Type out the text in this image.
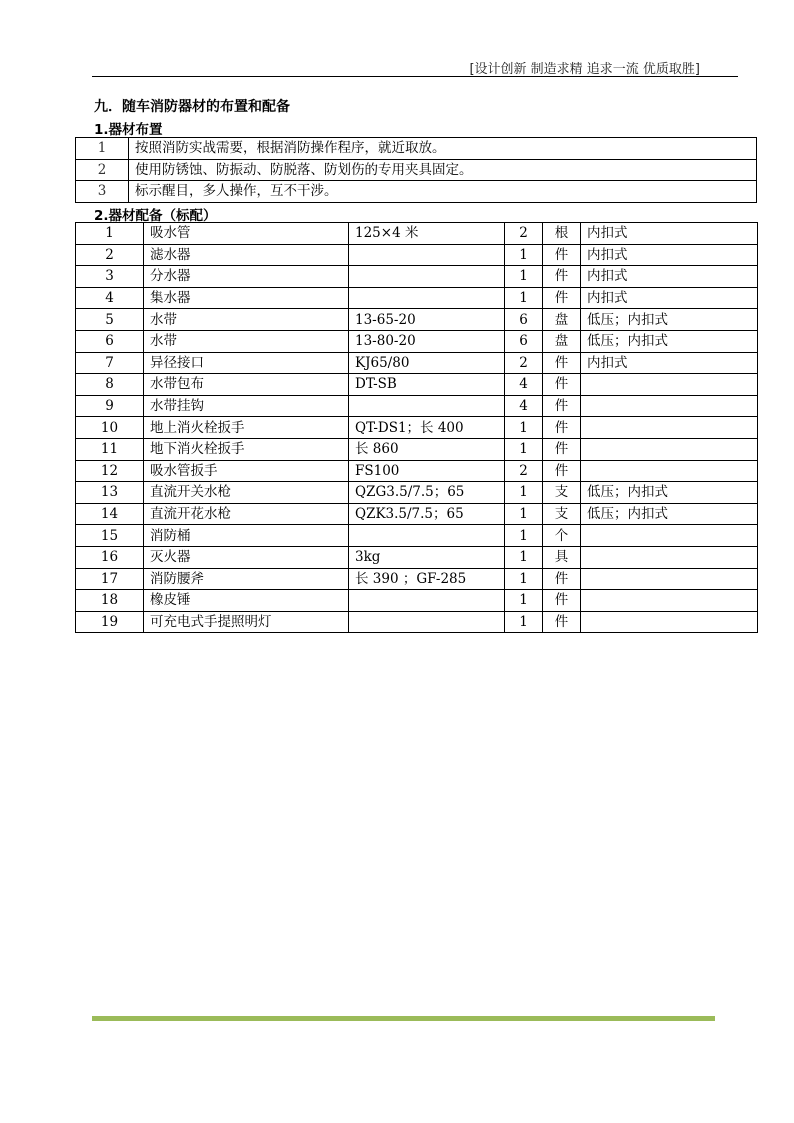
[设计创新 制造求精 追求一流 优质取胜]
九．随车消防器材的布置和配备
1.器材布置
1	按照消防实战需要，根据消防操作程序，就近取放。
2	使用防锈蚀、防振动、防脱落、防划伤的专用夹具固定。
3	标示醒目，多人操作，互不干涉。
2.器材配备（标配）
1	吸水管	125×4 米	2	根	内扣式
2	滤水器		1	件	内扣式
3	分水器		1	件	内扣式
4	集水器		1	件	内扣式
5	水带	13-65-20	6	盘	低压；内扣式
6	水带	13-80-20	6	盘	低压；内扣式
7	异径接口	KJ65/80	2	件	内扣式
8	水带包布	DT-SB	4	件	
9	水带挂钩		4	件	
10	地上消火栓扳手	QT-DS1；长 400	1	件	
11	地下消火栓扳手	长 860	1	件	
12	吸水管扳手	FS100	2	件	
13	直流开关水枪	QZG3.5/7.5；65	1	支	低压；内扣式
14	直流开花水枪	QZK3.5/7.5；65	1	支	低压；内扣式
15	消防桶		1	个	
16	灭火器	3kg	1	具	
17	消防腰斧	长 390 ；GF-285	1	件	
18	橡皮锤		1	件	
19	可充电式手提照明灯		1	件	
